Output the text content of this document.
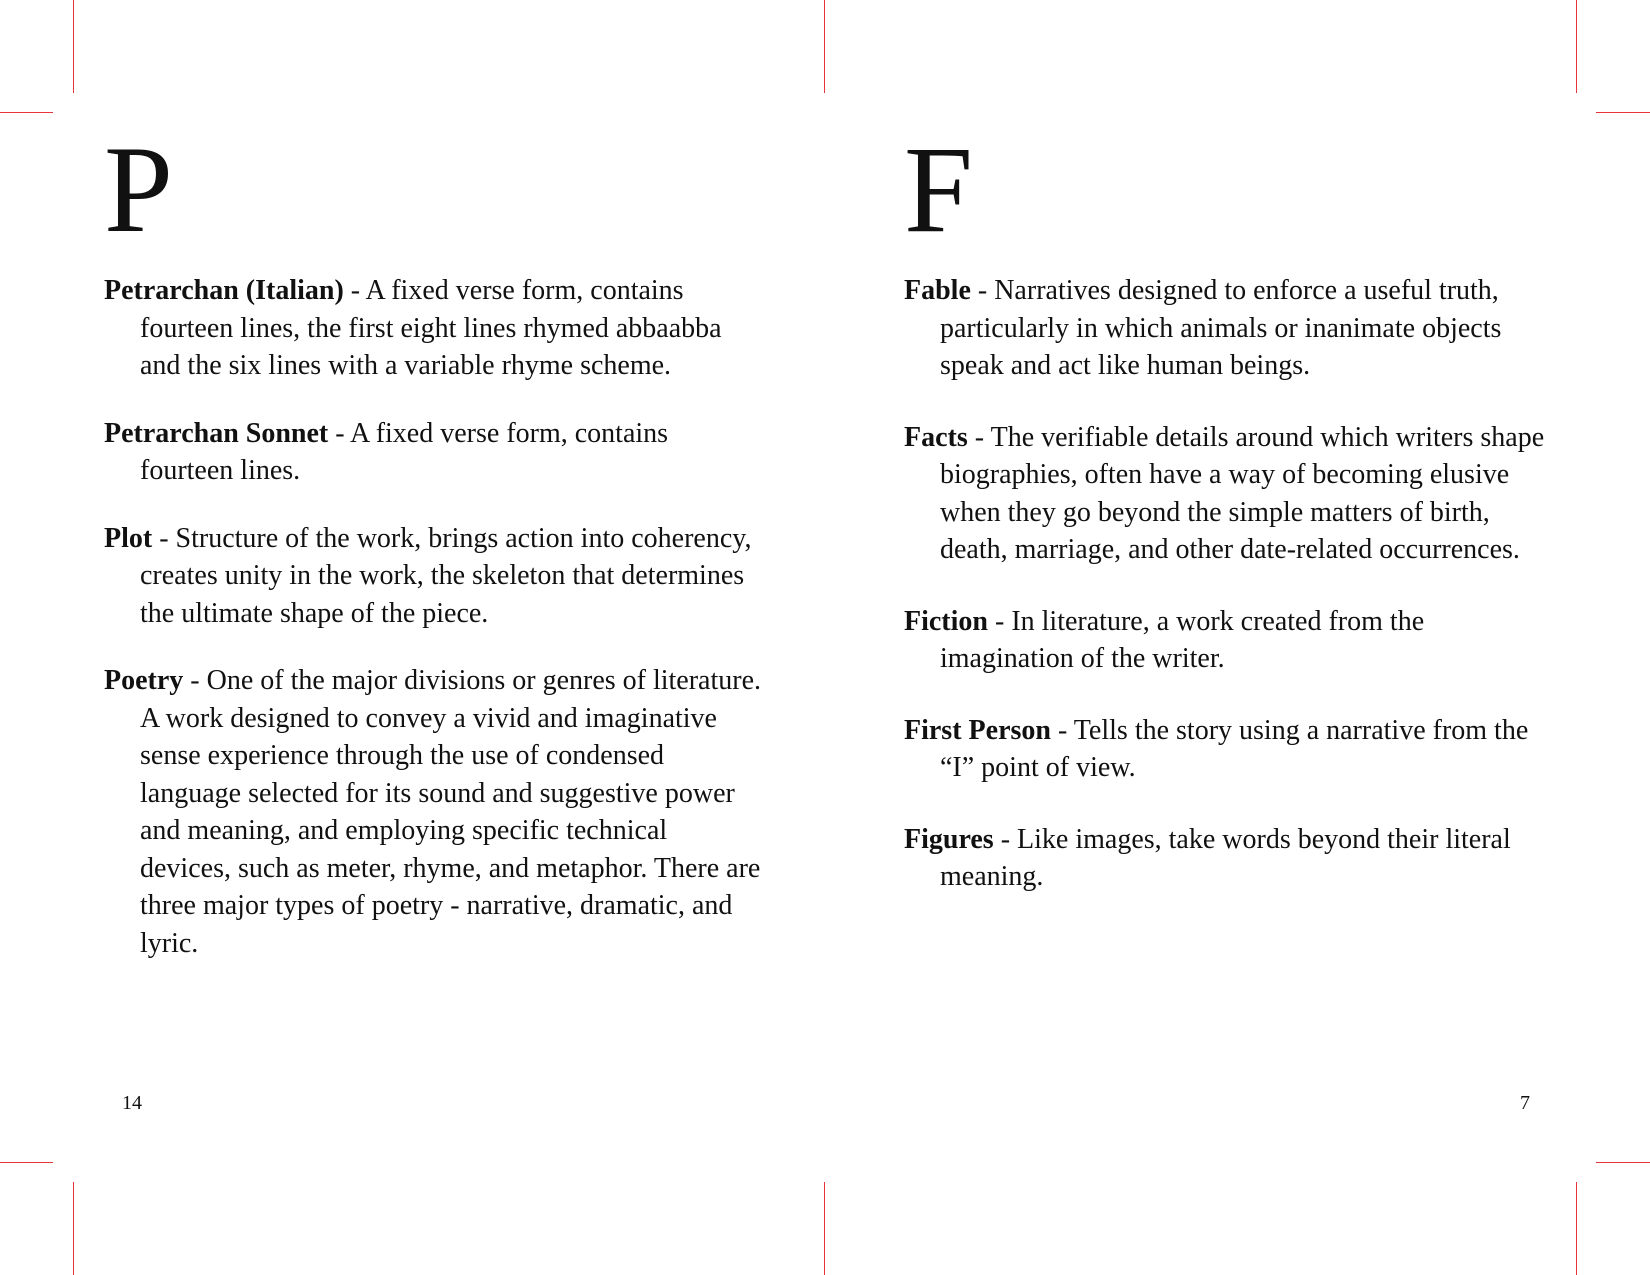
P

Petrarchan (Italian) - A fixed verse form, contains fourteen lines, the first eight lines rhymed abbaabba and the six lines with a variable rhyme scheme.

Petrarchan Sonnet - A fixed verse form, contains fourteen lines.

Plot - Structure of the work, brings action into coherency, creates unity in the work, the skeleton that determines the ultimate shape of the piece.

Poetry - One of the major divisions or genres of literature. A work designed to convey a vivid and imaginative sense experience through the use of condensed language selected for its sound and suggestive power and meaning, and employing specific technical devices, such as meter, rhyme, and metaphor. There are three major types of poetry - narrative, dramatic, and lyric.

14
F

Fable - Narratives designed to enforce a useful truth, particularly in which animals or inanimate objects speak and act like human beings.

Facts - The verifiable details around which writers shape biographies, often have a way of becoming elusive when they go beyond the simple matters of birth, death, marriage, and other date-related occurrences.

Fiction - In literature, a work created from the imagination of the writer.

First Person - Tells the story using a narrative from the “I” point of view.

Figures - Like images, take words beyond their literal meaning.

7
